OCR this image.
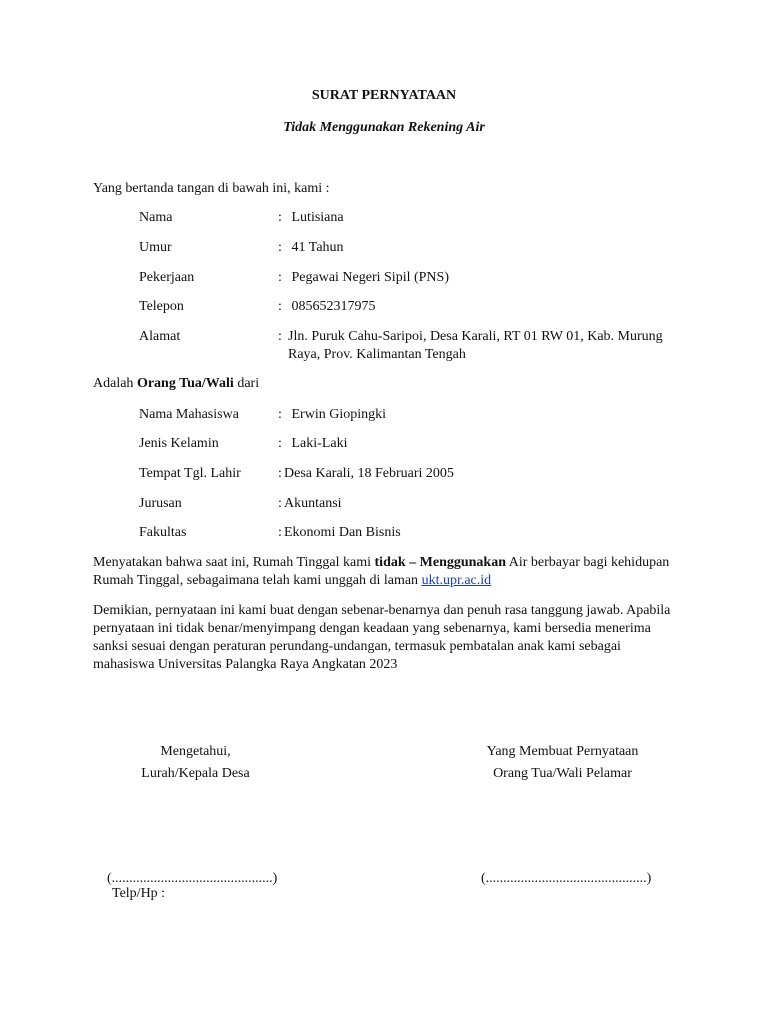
SURAT PERNYATAAN
Tidak Menggunakan Rekening Air
Yang bertanda tangan di bawah ini, kami :
Nama	: Lutisiana
Umur	: 41 Tahun
Pekerjaan	: Pegawai Negeri Sipil (PNS)
Telepon	: 085652317975
Alamat	: Jln. Puruk Cahu-Saripoi, Desa Karali, RT 01 RW 01, Kab. Murung Raya, Prov. Kalimantan Tengah
Adalah Orang Tua/Wali dari
Nama Mahasiswa	: Erwin Giopingki
Jenis Kelamin	: Laki-Laki
Tempat Tgl. Lahir	: Desa Karali, 18 Februari 2005
Jurusan	: Akuntansi
Fakultas	: Ekonomi Dan Bisnis
Menyatakan bahwa saat ini, Rumah Tinggal kami tidak – Menggunakan Air berbayar bagi kehidupan Rumah Tinggal, sebagaimana telah kami unggah di laman ukt.upr.ac.id
Demikian, pernyataan ini kami buat dengan sebenar-benarnya dan penuh rasa tanggung jawab. Apabila pernyataan ini tidak benar/menyimpang dengan keadaan yang sebenarnya, kami bersedia menerima sanksi sesuai dengan peraturan perundang-undangan, termasuk pembatalan anak kami sebagai mahasiswa Universitas Palangka Raya Angkatan 2023
Mengetahui,
Lurah/Kepala Desa
Yang Membuat Pernyataan
Orang Tua/Wali Pelamar
(..............................................)	(..............................................)
Telp/Hp :
